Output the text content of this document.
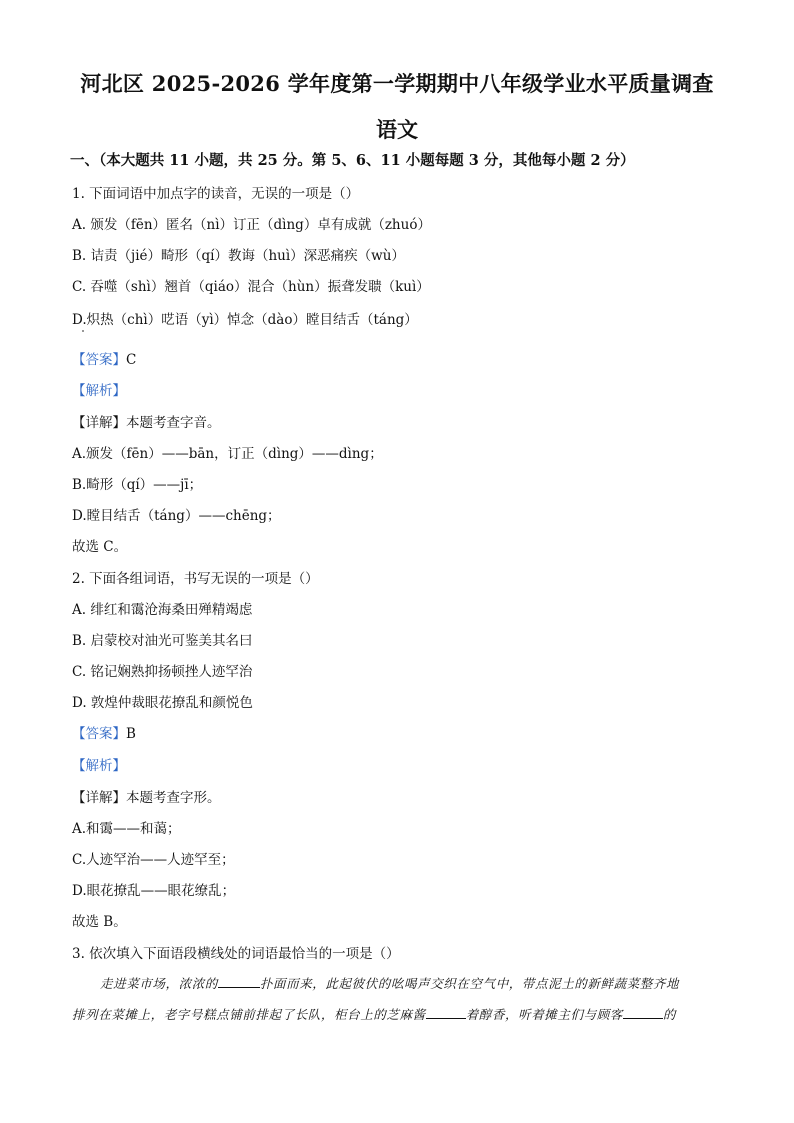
河北区 2025-2026 学年度第一学期期中八年级学业水平质量调查
语文
一、（本大题共 11 小题，共 25 分。第 5、6、11 小题每题 3 分，其他每小题 2 分）
1. 下面词语中加点字的读音，无误的一项是（）
A. 颁发（fēn）匿名（nì）订正（dìng）卓有成就（zhuó）
B. 诘责（jié）畸形（qí）教诲（huì）深恶痛疾（wù）
C. 吞噬（shì）翘首（qiáo）混合（hùn）振聋发聩（kuì）
D.炽热（chì）呓语（yì）悼念（dào）瞠目结舌（táng）
【答案】C
【解析】
【详解】本题考查字音。
A.颁发（fēn）——bān，订正（dìng）——dìng；
B.畸形（qí）——jī；
D.瞠目结舌（táng）——chēng；
故选 C。
2. 下面各组词语，书写无误的一项是（）
A. 绯红和霭沧海桑田殚精竭虑
B. 启蒙校对油光可鉴美其名曰
C. 铭记娴熟抑扬顿挫人迹罕治
D. 敦煌仲裁眼花撩乱和颜悦色
【答案】B
【解析】
【详解】本题考查字形。
A.和霭——和蔼；
C.人迹罕治——人迹罕至；
D.眼花撩乱——眼花缭乱；
故选 B。
3. 依次填入下面语段横线处的词语最恰当的一项是（）
走进菜市场，浓浓的	扑面而来，此起彼伏的吆喝声交织在空气中，带点泥土的新鲜蔬菜整齐地
排列在菜摊上，老字号糕点铺前排起了长队，柜台上的芝麻酱	着醇香，听着摊主们与顾客	的
